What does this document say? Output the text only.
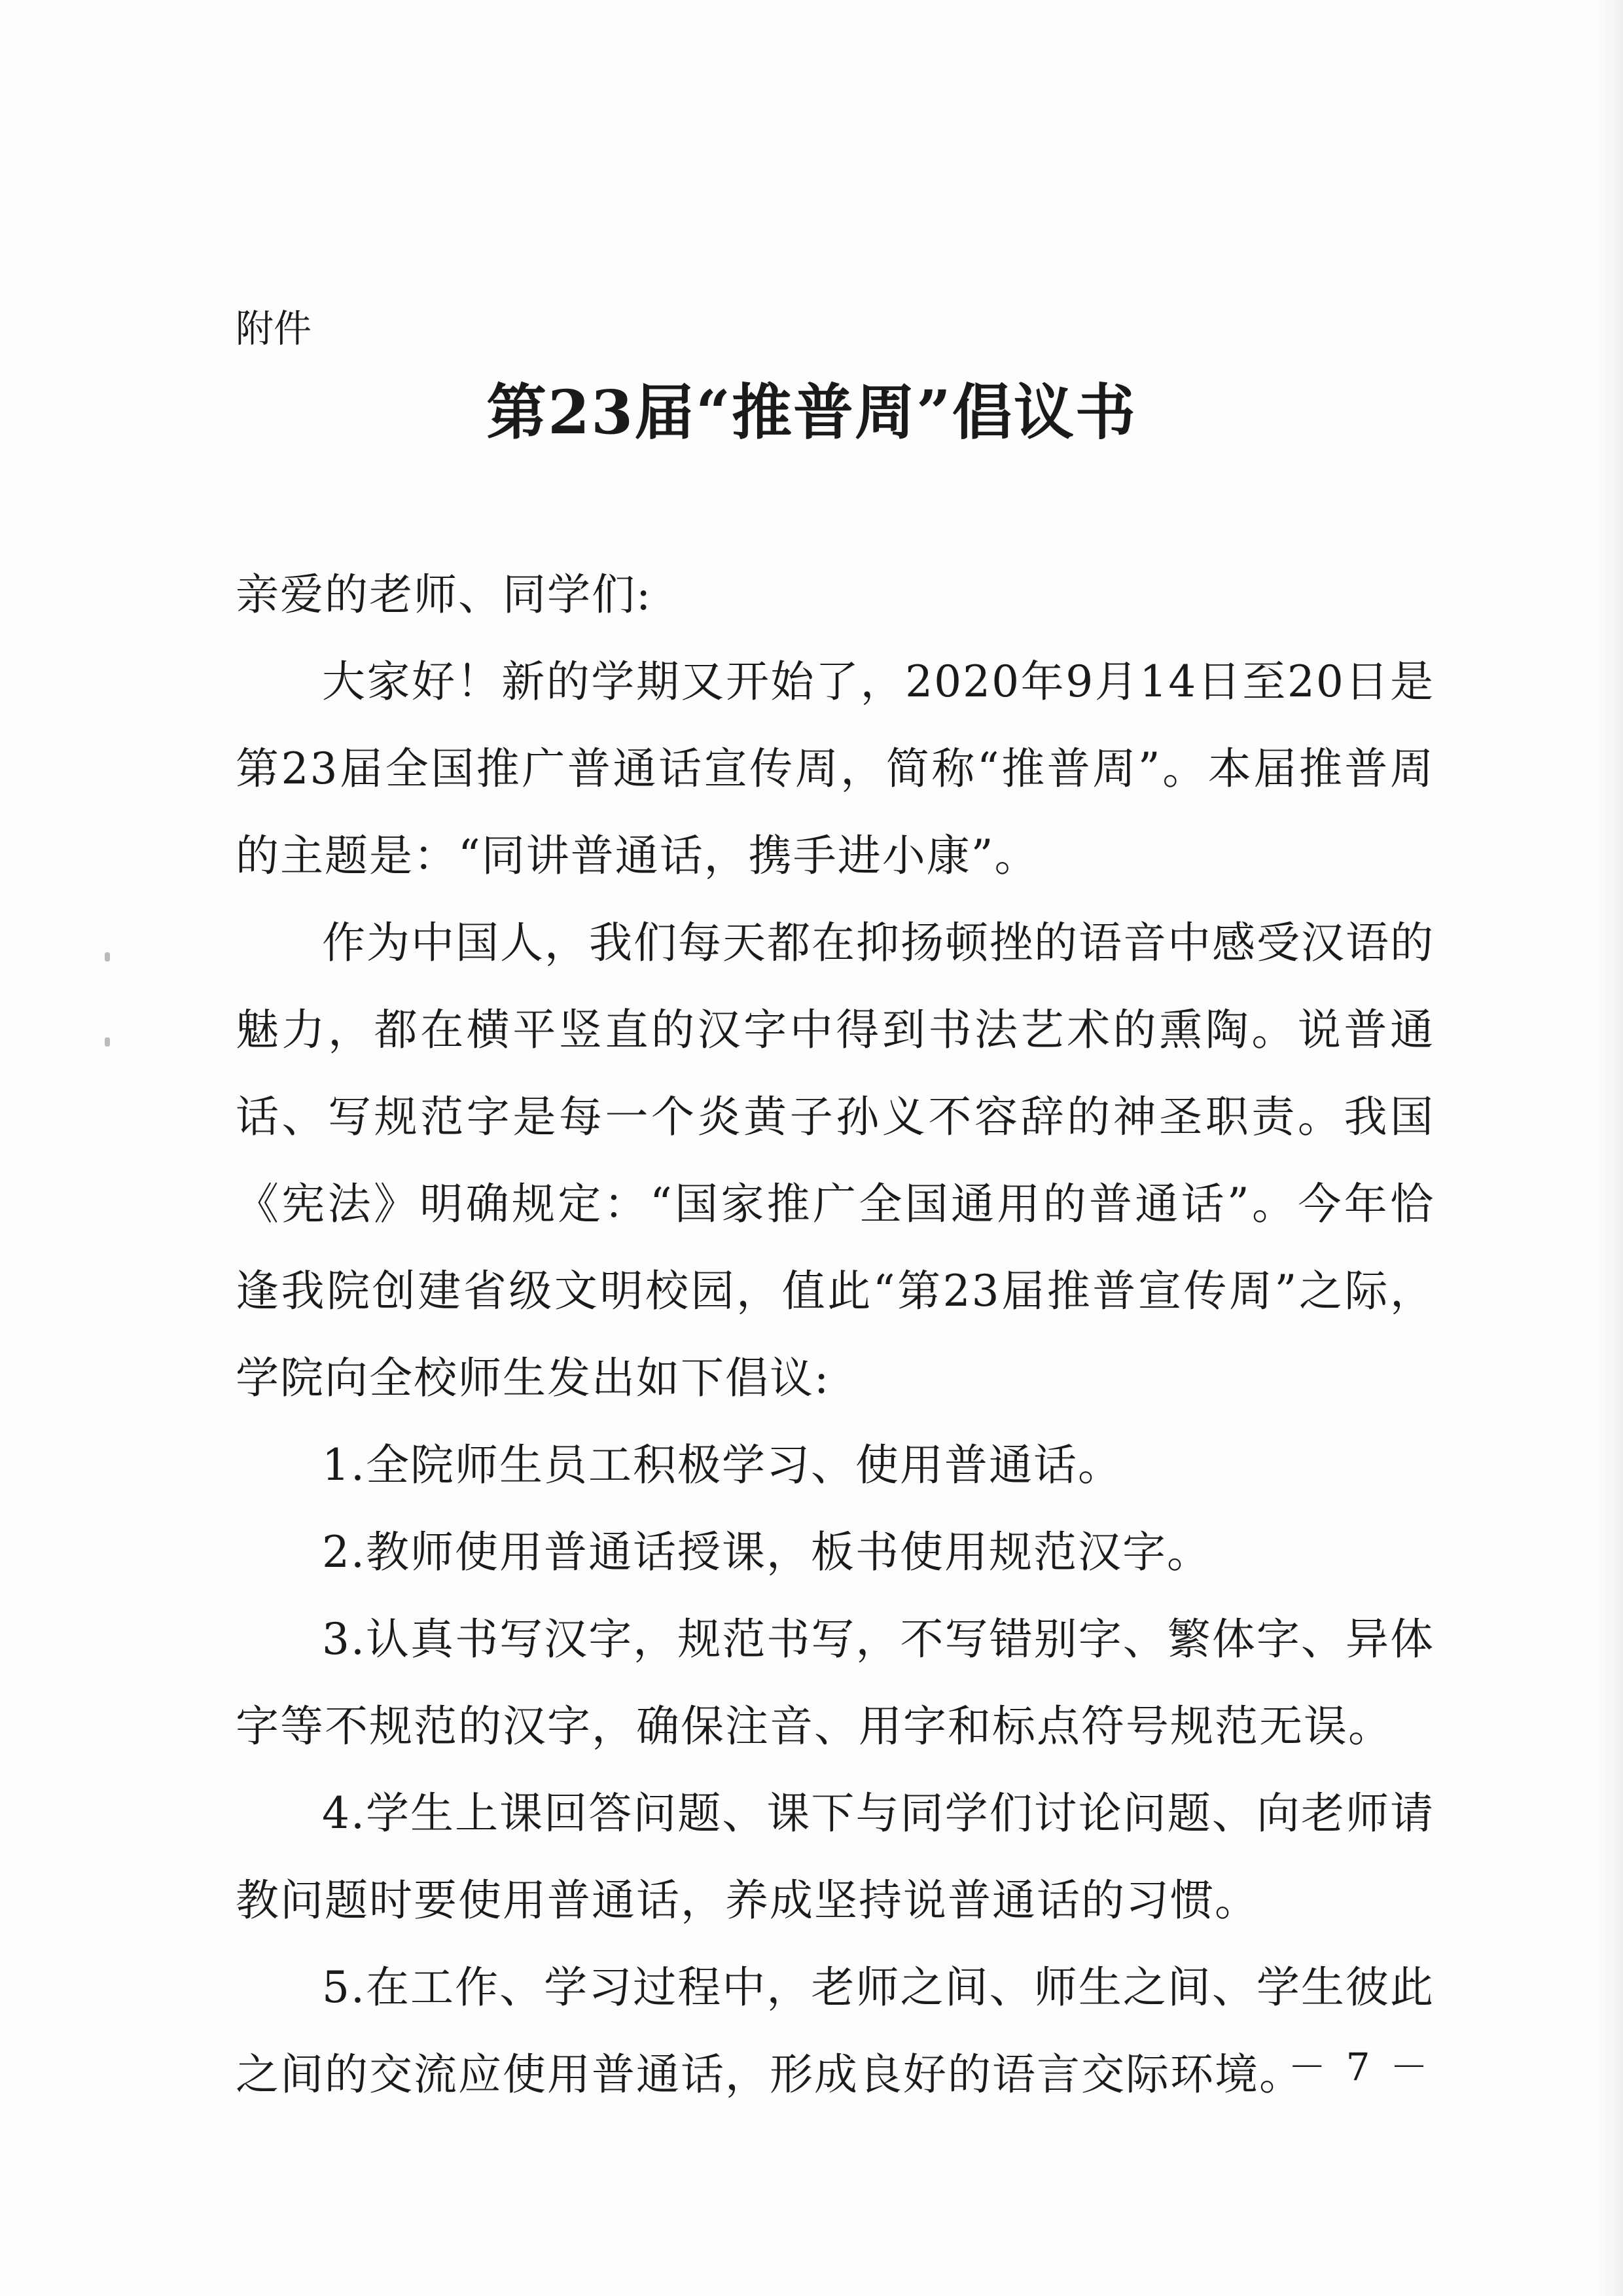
附件
第23届“推普周”倡议书

亲爱的老师、同学们:

大家好！新的学期又开始了，2020年9月14日至20日是第23届全国推广普通话宣传周，简称“推普周”。本届推普周的主题是：“同讲普通话，携手进小康”。

作为中国人，我们每天都在抑扬顿挫的语音中感受汉语的魅力，都在横平竖直的汉字中得到书法艺术的熏陶。说普通话、写规范字是每一个炎黄子孙义不容辞的神圣职责。我国《宪法》明确规定：“国家推广全国通用的普通话”。今年恰逢我院创建省级文明校园，值此“第23届推普宣传周”之际，学院向全校师生发出如下倡议:

1.全院师生员工积极学习、使用普通话。

2.教师使用普通话授课，板书使用规范汉字。

3.认真书写汉字，规范书写，不写错别字、繁体字、异体字等不规范的汉字，确保注音、用字和标点符号规范无误。

4.学生上课回答问题、课下与同学们讨论问题、向老师请教问题时要使用普通话，养成坚持说普通话的习惯。

5.在工作、学习过程中，老师之间、师生之间、学生彼此之间的交流应使用普通话，形成良好的语言交际环境。

－ 7 －
